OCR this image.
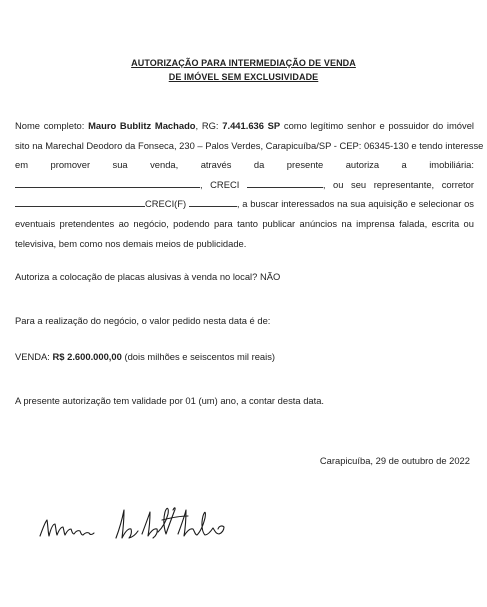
AUTORIZAÇÃO PARA INTERMEDIAÇÃO DE VENDA
DE IMÓVEL SEM EXCLUSIVIDADE
Nome completo: Mauro Bublitz Machado, RG: 7.441.636 SP como legítimo senhor e possuidor do imóvel
sito na Marechal Deodoro da Fonseca, 230 – Palos Verdes, Carapicuíba/SP - CEP: 06345-130 e tendo interesse
em promover sua venda, através da presente autoriza a imobiliária:
, CRECI	, ou seu representante, corretor
CRECI(F)	, a buscar interessados na sua aquisição e selecionar os
eventuais pretendentes ao negócio, podendo para tanto publicar anúncios na imprensa falada, escrita ou
televisiva, bem como nos demais meios de publicidade.
Autoriza a colocação de placas alusivas à venda no local? NÃO
Para a realização do negócio, o valor pedido nesta data é de:
VENDA: R$ 2.600.000,00 (dois milhões e seiscentos mil reais)
A presente autorização tem validade por 01 (um) ano, a contar desta data.
Carapicuíba, 29 de outubro de 2022
